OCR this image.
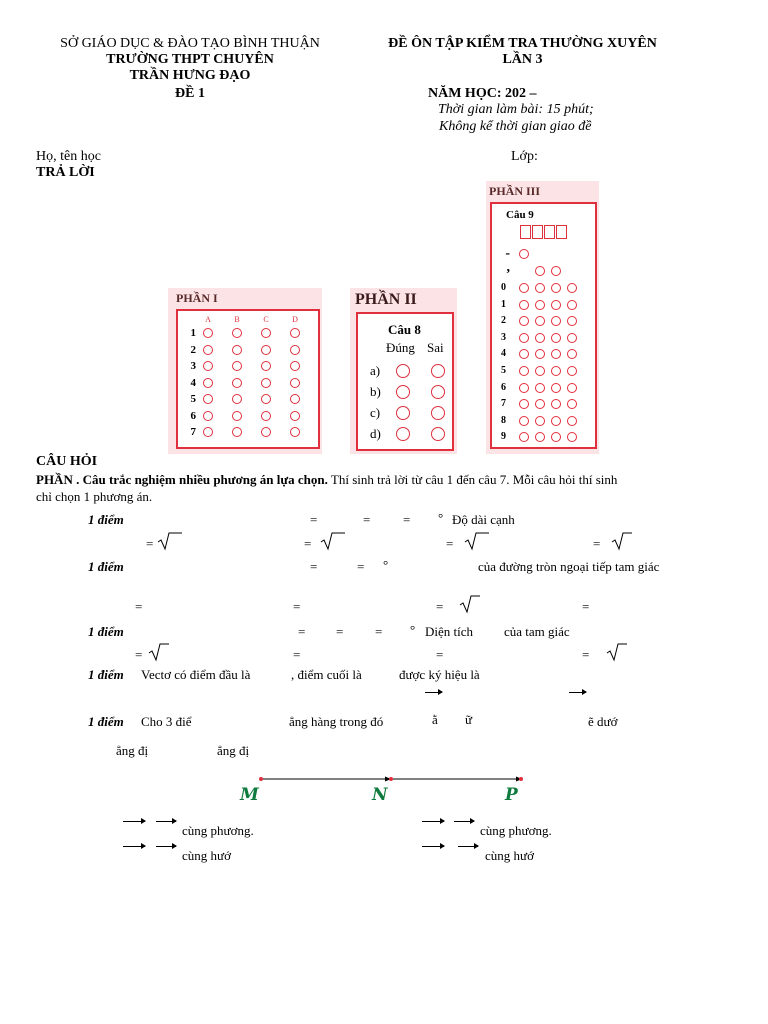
SỞ GIÁO DỤC & ĐÀO TẠO BÌNH THUẬN
TRƯỜNG THPT CHUYÊN
TRẦN HƯNG ĐẠO
ĐỀ 1
ĐỀ ÔN TẬP KIỂM TRA THƯỜNG XUYÊN
LẦN 3
NĂM HỌC: 202 –
Thời gian làm bài: 15 phút;
Không kể thời gian giao đề
Họ, tên học	Lớp:
TRẢ LỜI
PHẦN I
A	B	C	D
1
2
3
4
5
6
7
PHẦN II
Câu 8
Đúng Sai
a)
b)
c)
d)
PHẦN III
Câu 9
-
,
0
1
2
3
4
5
6
7
8
9
CÂU HỎI
PHẦN . Câu trắc nghiệm nhiều phương án lựa chọn. Thí sinh trả lời từ câu 1 đến câu 7. Mỗi câu hỏi thí sinh
chỉ chọn 1 phương án.
1 điểm	=	=	= ° Độ dài cạnh
=	=	=	=
1 điểm	=	= °	của đường tròn ngoại tiếp tam giác
=	=	=	=
1 điểm	= = = ° Diện tích của tam giác
=	=	=	=
1 điểm Vectơ có điểm đầu là	, điểm cuối là	được ký hiệu là
1 điểm Cho 3 điể	ẳng hàng trong đó	ằ ữ	ẽ dướ
ẳng đị	ẳng đị
M	N	P
cùng phương.
cùng hướ
cùng phương.
cùng hướ
